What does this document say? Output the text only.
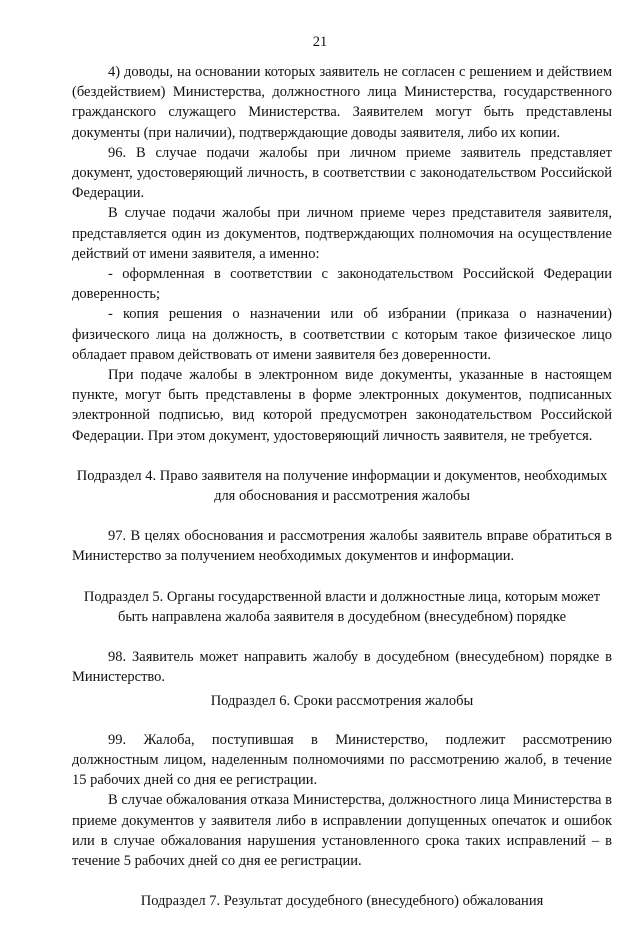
21

4) доводы, на основании которых заявитель не согласен с решением и действием (бездействием) Министерства, должностного лица Министерства, государственного гражданского служащего Министерства. Заявителем могут быть представлены документы (при наличии), подтверждающие доводы заявителя, либо их копии.

96. В случае подачи жалобы при личном приеме заявитель представляет документ, удостоверяющий личность, в соответствии с законодательством Российской Федерации.

В случае подачи жалобы при личном приеме через представителя заявителя, представляется один из документов, подтверждающих полномочия на осуществление действий от имени заявителя, а именно:

- оформленная в соответствии с законодательством Российской Федерации доверенность;

- копия решения о назначении или об избрании (приказа о назначении) физического лица на должность, в соответствии с которым такое физическое лицо обладает правом действовать от имени заявителя без доверенности.

При подаче жалобы в электронном виде документы, указанные в настоящем пункте, могут быть представлены в форме электронных документов, подписанных электронной подписью, вид которой предусмотрен законодательством Российской Федерации. При этом документ, удостоверяющий личность заявителя, не требуется.

Подраздел 4. Право заявителя на получение информации и документов, необходимых для обоснования и рассмотрения жалобы

97. В целях обоснования и рассмотрения жалобы заявитель вправе обратиться в Министерство за получением необходимых документов и информации.

Подраздел 5. Органы государственной власти и должностные лица, которым может быть направлена жалоба заявителя в досудебном (внесудебном) порядке

98. Заявитель может направить жалобу в досудебном (внесудебном) порядке в Министерство.

Подраздел 6. Сроки рассмотрения жалобы

99. Жалоба, поступившая в Министерство, подлежит рассмотрению должностным лицом, наделенным полномочиями по рассмотрению жалоб, в течение 15 рабочих дней со дня ее регистрации.

В случае обжалования отказа Министерства, должностного лица Министерства в приеме документов у заявителя либо в исправлении допущенных опечаток и ошибок или в случае обжалования нарушения установленного срока таких исправлений – в течение 5 рабочих дней со дня ее регистрации.

Подраздел 7. Результат досудебного (внесудебного) обжалования
